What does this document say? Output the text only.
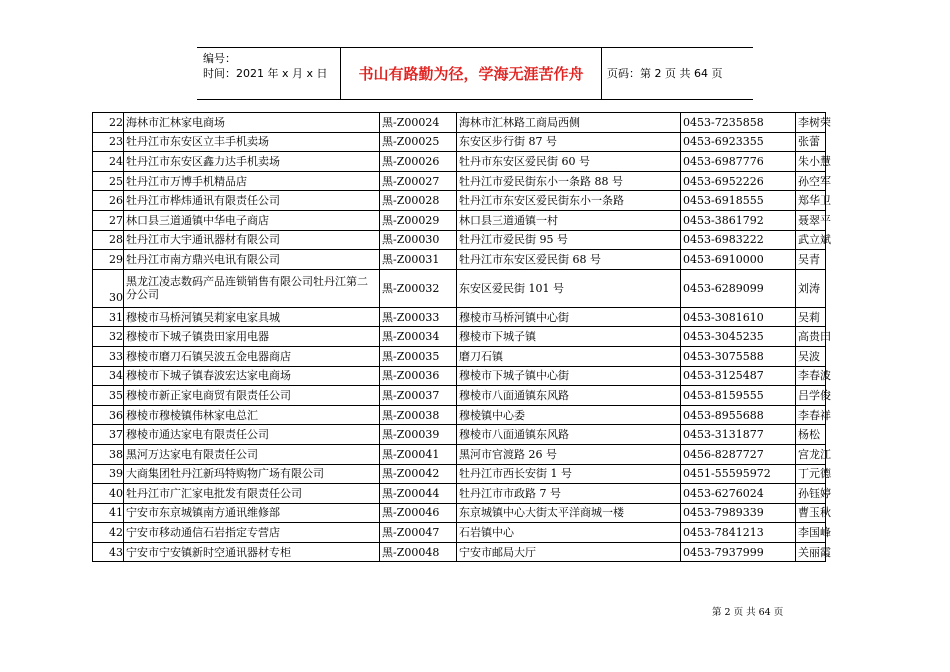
编号：
时间：2021 年 x 月 x 日	书山有路勤为径，学海无涯苦作舟	页码：第 2 页 共 64 页
22	海林市汇林家电商场	黑-Z00024	海林市汇林路工商局西侧	0453-7235858	李树荣
23	牡丹江市东安区立丰手机卖场	黑-Z00025	东安区步行街 87 号	0453-6923355	张蕾
24	牡丹江市东安区鑫力达手机卖场	黑-Z00026	牡丹市东安区爱民街 60 号	0453-6987776	朱小慧
25	牡丹江市万博手机精品店	黑-Z00027	牡丹江市爱民街东小一条路 88 号	0453-6952226	孙空军
26	牡丹江市桦炜通讯有限责任公司	黑-Z00028	牡丹江市东安区爱民街东小一条路	0453-6918555	郑华卫
27	林口县三道通镇中华电子商店	黑-Z00029	林口县三道通镇一村	0453-3861792	聂翠平
28	牡丹江市大宇通讯器材有限公司	黑-Z00030	牡丹江市爱民街 95 号	0453-6983222	武立斌
29	牡丹江市南方鼎兴电讯有限公司	黑-Z00031	牡丹江市东安区爱民街 68 号	0453-6910000	吴青
30	黑龙江凌志数码产品连锁销售有限公司牡丹江第二分公司	黑-Z00032	东安区爱民街 101 号	0453-6289099	刘涛
31	穆棱市马桥河镇吴莉家电家具城	黑-Z00033	穆棱市马桥河镇中心街	0453-3081610	吴莉
32	穆棱市下城子镇贵田家用电器	黑-Z00034	穆棱市下城子镇	0453-3045235	高贵田
33	穆棱市磨刀石镇吴波五金电器商店	黑-Z00035	磨刀石镇	0453-3075588	吴波
34	穆棱市下城子镇春波宏达家电商场	黑-Z00036	穆棱市下城子镇中心街	0453-3125487	李春波
35	穆棱市新正家电商贸有限责任公司	黑-Z00037	穆棱市八面通镇东风路	0453-8159555	吕学俊
36	穆棱市穆棱镇伟林家电总汇	黑-Z00038	穆棱镇中心委	0453-8955688	李春祥
37	穆棱市通达家电有限责任公司	黑-Z00039	穆棱市八面通镇东风路	0453-3131877	杨松
38	黑河万达家电有限责任公司	黑-Z00041	黑河市官渡路 26 号	0456-8287727	宫龙江
39	大商集团牡丹江新玛特购物广场有限公司	黑-Z00042	牡丹江市西长安街 1 号	0451-55595972	丁元德
40	牡丹江市广汇家电批发有限责任公司	黑-Z00044	牡丹江市市政路 7 号	0453-6276024	孙钰婷
41	宁安市东京城镇南方通讯维修部	黑-Z00046	东京城镇中心大街太平洋商城一楼	0453-7989339	曹玉秋
42	宁安市移动通信石岩指定专营店	黑-Z00047	石岩镇中心	0453-7841213	李国峰
43	宁安市宁安镇新时空通讯器材专柜	黑-Z00048	宁安市邮局大厅	0453-7937999	关丽霞
第 2 页 共 64 页
